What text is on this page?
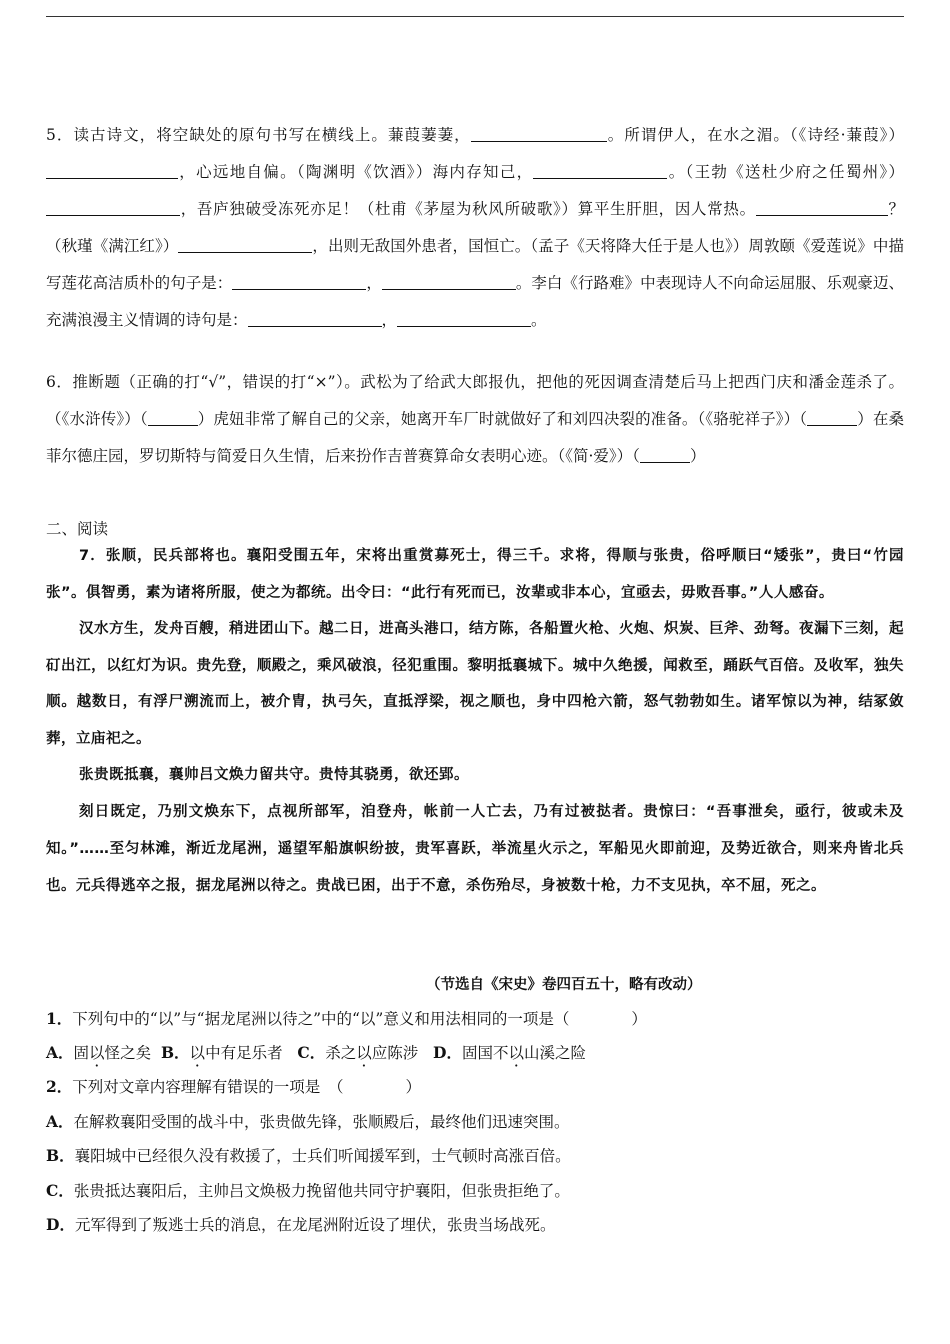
5．读古诗文，将空缺处的原句书写在横线上。蒹葭萋萋，	。所谓伊人，在水之湄。（《诗经·蒹葭》），心远地自偏。（陶渊明《饮酒》）海内存知己，	。（王勃《送杜少府之任蜀州》），吾庐独破受冻死亦足！（杜甫《茅屋为秋风所破歌》）算平生肝胆，因人常热。	？（秋瑾《满江红》）	，出则无敌国外患者，国恒亡。（孟子《天将降大任于是人也》）周敦颐《爱莲说》中描写莲花高洁质朴的句子是：	，	。李白《行路难》中表现诗人不向命运屈服、乐观豪迈、充满浪漫主义情调的诗句是：	，	。

6．推断题（正确的打“√”，错误的打“×”）。武松为了给武大郎报仇，把他的死因调查清楚后马上把西门庆和潘金莲杀了。（《水浒传》）（	）虎妞非常了解自己的父亲，她离开车厂时就做好了和刘四决裂的准备。（《骆驼祥子》）（	）在桑菲尔德庄园，罗切斯特与简爱日久生情，后来扮作吉普赛算命女表明心迹。（《简·爱》）（	）

二、阅读

7．张顺，民兵部将也。襄阳受围五年，宋将出重赏募死士，得三千。求将，得顺与张贵，俗呼顺曰“矮张”，贵曰“竹园张”。俱智勇，素为诸将所服，使之为都统。出令曰：“此行有死而已，汝辈或非本心，宜亟去，毋败吾事。”人人感奋。

汉水方生，发舟百艘，稍进团山下。越二日，进高头港口，结方陈，各船置火枪、火炮、炽炭、巨斧、劲弩。夜漏下三刻，起矴出江，以红灯为识。贵先登，顺殿之，乘风破浪，径犯重围。黎明抵襄城下。城中久绝援，闻救至，踊跃气百倍。及收军，独失顺。越数日，有浮尸溯流而上，被介胄，执弓矢，直抵浮梁，视之顺也，身中四枪六箭，怒气勃勃如生。诸军惊以为神，结冢敛葬，立庙祀之。

张贵既抵襄，襄帅吕文焕力留共守。贵恃其骁勇，欲还郢。

刻日既定，乃别文焕东下，点视所部军，洎登舟，帐前一人亡去，乃有过被挞者。贵惊曰：“吾事泄矣，亟行，彼或未及知。”……至匀林滩，渐近龙尾洲，遥望军船旗帜纷披，贵军喜跃，举流星火示之，军船见火即前迎，及势近欲合，则来舟皆北兵也。元兵得逃卒之报，据龙尾洲以待之。贵战已困，出于不意，杀伤殆尽，身被数十枪，力不支见执，卒不屈，死之。

（节选自《宋史》卷四百五十，略有改动）
1．下列句中的“以”与“据龙尾洲以待之”中的“以”意义和用法相同的一项是（　　　　）
A．固以怪之矣 B．以中有足乐者 C．杀之以应陈涉 D．固国不以山溪之险
2．下列对文章内容理解有错误的一项是　（　　　　）
A．在解救襄阳受围的战斗中，张贵做先锋，张顺殿后，最终他们迅速突围。
B．襄阳城中已经很久没有救援了，士兵们听闻援军到，士气顿时高涨百倍。
C．张贵抵达襄阳后，主帅吕文焕极力挽留他共同守护襄阳，但张贵拒绝了。
D．元军得到了叛逃士兵的消息，在龙尾洲附近设了埋伏，张贵当场战死。
